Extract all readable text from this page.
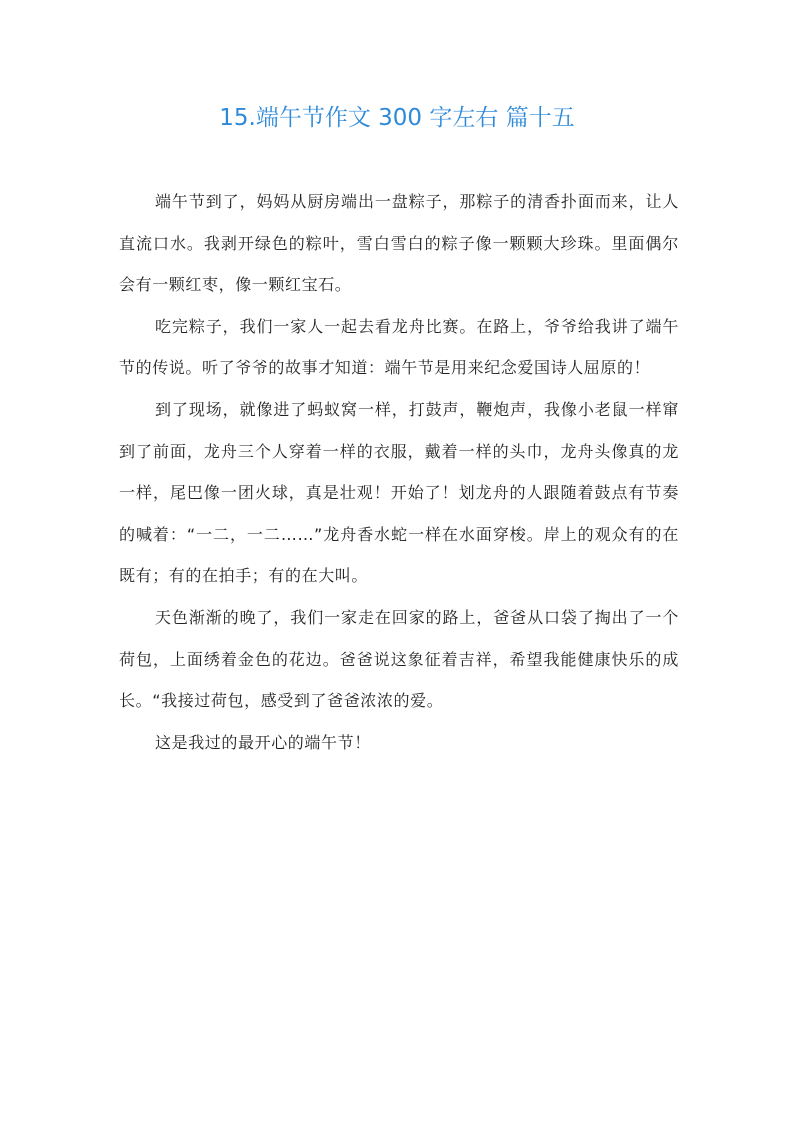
15.端午节作文 300 字左右 篇十五

端午节到了，妈妈从厨房端出一盘粽子，那粽子的清香扑面而来，让人直流口水。我剥开绿色的粽叶，雪白雪白的粽子像一颗颗大珍珠。里面偶尔会有一颗红枣，像一颗红宝石。

吃完粽子，我们一家人一起去看龙舟比赛。在路上，爷爷给我讲了端午节的传说。听了爷爷的故事才知道：端午节是用来纪念爱国诗人屈原的！

到了现场，就像进了蚂蚁窝一样，打鼓声，鞭炮声，我像小老鼠一样窜到了前面，龙舟三个人穿着一样的衣服，戴着一样的头巾，龙舟头像真的龙一样，尾巴像一团火球，真是壮观！开始了！划龙舟的人跟随着鼓点有节奏的喊着：“一二，一二……”龙舟香水蛇一样在水面穿梭。岸上的观众有的在既有；有的在拍手；有的在大叫。

天色渐渐的晚了，我们一家走在回家的路上，爸爸从口袋了掏出了一个荷包，上面绣着金色的花边。爸爸说这象征着吉祥，希望我能健康快乐的成长。“我接过荷包，感受到了爸爸浓浓的爱。

这是我过的最开心的端午节！
